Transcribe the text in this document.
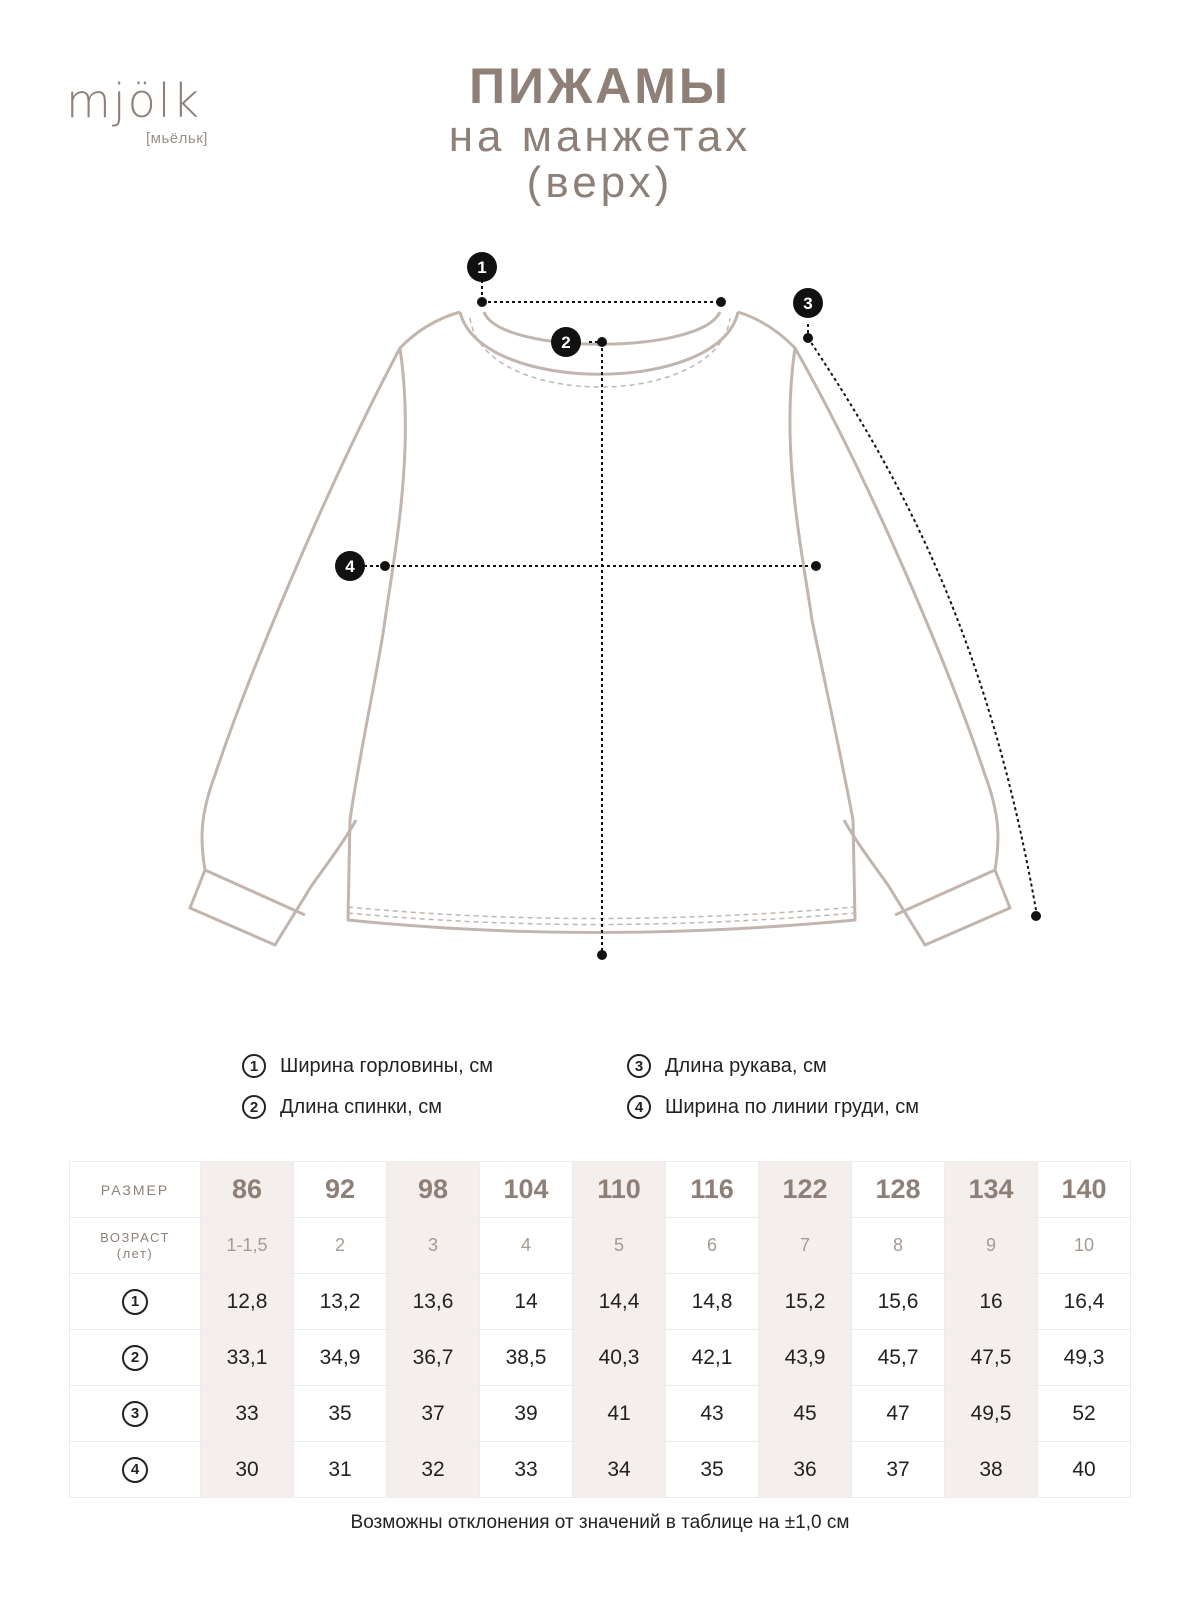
mjölk
[мьёльк]
ПИЖАМЫ
на манжетах
(верх)
1
2
3
4
1	Ширина горловины, см
2	Длина спинки, см
3	Длина рукава, см
4	Ширина по линии груди, см
РАЗМЕР	86	92	98	104	110	116	122	128	134	140

ВОЗРАСТ
(лет)	1-1,5	2	3	4	5	6	7	8	9	10
1	12,8	13,2	13,6	14	14,4	14,8	15,2	15,6	16	16,4
2	33,1	34,9	36,7	38,5	40,3	42,1	43,9	45,7	47,5	49,3
3	33	35	37	39	41	43	45	47	49,5	52
4	30	31	32	33	34	35	36	37	38	40
Возможны отклонения от значений в таблице на ±1,0 см
